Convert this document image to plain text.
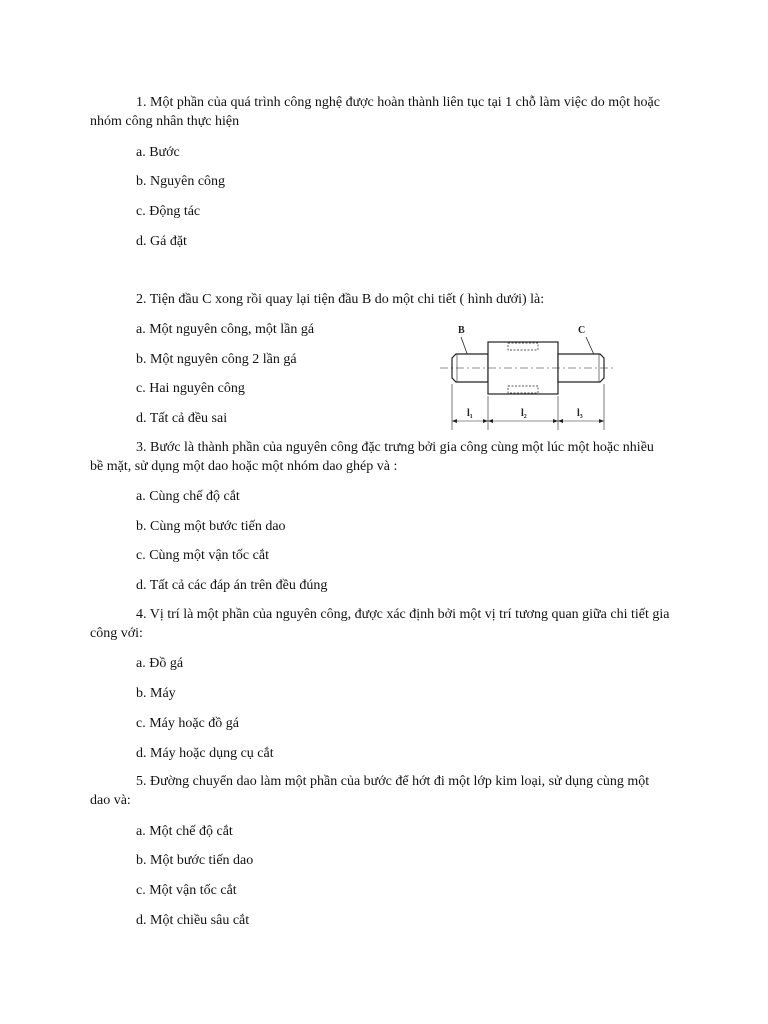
1. Một phần của quá trình công nghệ được hoàn thành liên tục tại 1 chỗ làm việc do một hoặc nhóm công nhân thực hiện

a. Bước

b. Nguyên công

c. Động tác

d. Gá đặt

2. Tiện đầu C xong rồi quay lại tiện đầu B do một chi tiết ( hình dưới) là:

a. Một nguyên công, một lần gá

b. Một nguyên công 2 lần gá

c. Hai nguyên công

d. Tất cả đều sai

B	C
l₁	l₂	l₃

3. Bước là thành phần của nguyên công đặc trưng bởi gia công cùng một lúc một hoặc nhiều bề mặt, sử dụng một dao hoặc một nhóm dao ghép và :

a. Cùng chế độ cắt

b. Cùng một bước tiến dao

c. Cùng một vận tốc cắt

d. Tất cả các đáp án trên đều đúng

4. Vị trí là một phần của nguyên công, được xác định bởi một vị trí tương quan giữa chi tiết gia công với:

a. Đồ gá

b. Máy

c. Máy hoặc đồ gá

d. Máy hoặc dụng cụ cắt

5. Đường chuyển dao làm một phần của bước để hớt đi một lớp kim loại, sử dụng cùng một dao và:

a. Một chế độ cắt

b. Một bước tiến dao

c. Một vận tốc cắt

d. Một chiều sâu cắt
